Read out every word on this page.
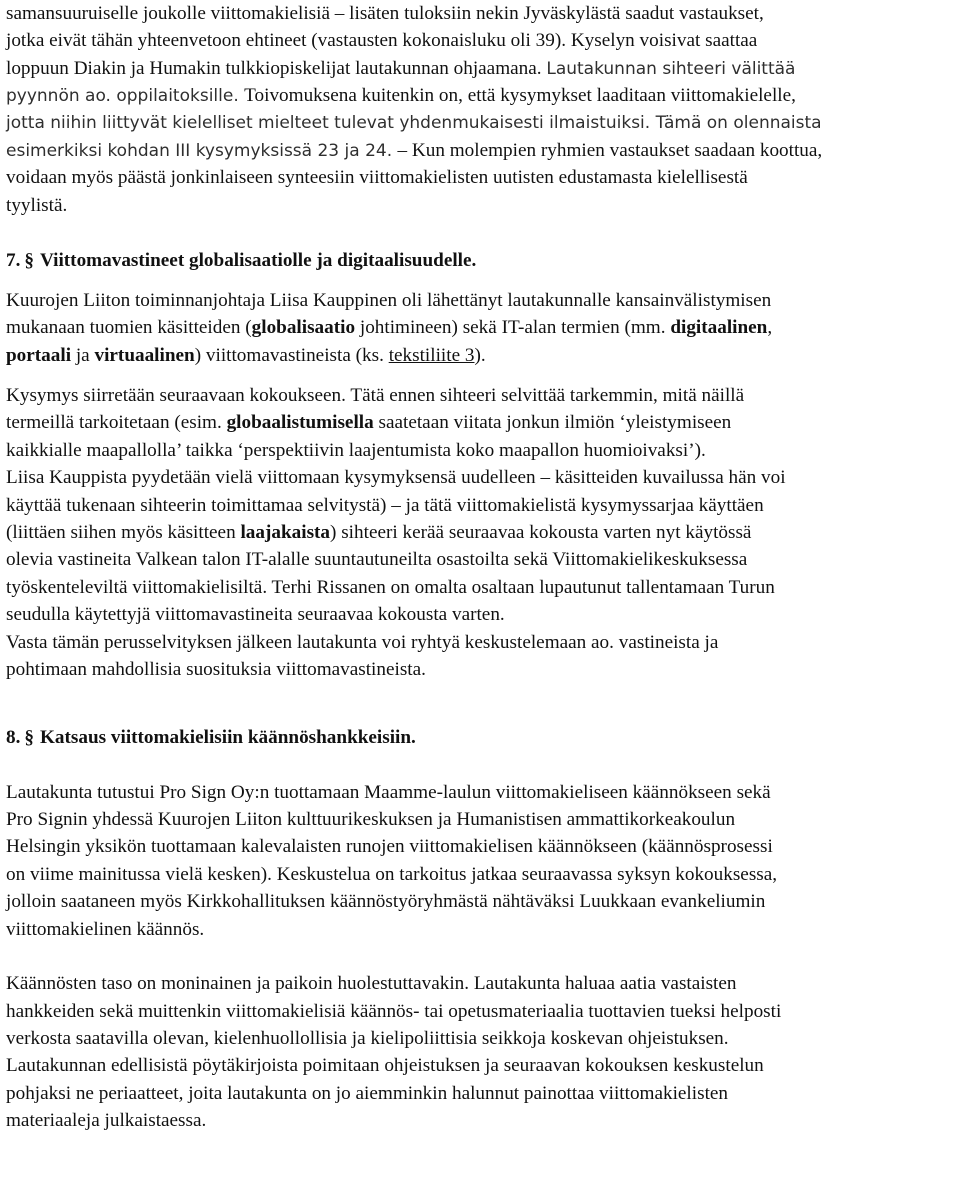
samansuuruiselle joukolle viittomakielisiä – lisäten tuloksiin nekin Jyväskylästä saadut vastaukset,
jotka eivät tähän yhteenvetoon ehtineet (vastausten kokonaisluku oli 39). Kyselyn voisivat saattaa
loppuun Diakin ja Humakin tulkkiopiskelijat lautakunnan ohjaamana. Lautakunnan sihteeri välittää
pyynnön ao. oppilaitoksille. Toivomuksena kuitenkin on, että kysymykset laaditaan viittomakielelle,
jotta niihin liittyvät kielelliset mielteet tulevat yhdenmukaisesti ilmaistuiksi. Tämä on olennaista
esimerkiksi kohdan III kysymyksissä 23 ja 24. – Kun molempien ryhmien vastaukset saadaan koottua,
voidaan myös päästä jonkinlaiseen synteesiin viittomakielisten uutisten edustamasta kielellisestä
tyylistä.
7. § Viittomavastineet globalisaatiolle ja digitaalisuudelle.
Kuurojen Liiton toiminnanjohtaja Liisa Kauppinen oli lähettänyt lautakunnalle kansainvälistymisen
mukanaan tuomien käsitteiden (globalisaatio johtimineen) sekä IT-alan termien (mm. digitaalinen,
portaali ja virtuaalinen) viittomavastineista (ks. tekstiliite 3).
Kysymys siirretään seuraavaan kokoukseen. Tätä ennen sihteeri selvittää tarkemmin, mitä näillä
termeillä tarkoitetaan (esim. globaalistumisella saatetaan viitata jonkun ilmiön ‘yleistymiseen
kaikkialle maapallolla’ taikka ‘perspektiivin laajentumista koko maapallon huomioivaksi’).
Liisa Kauppista pyydetään vielä viittomaan kysymyksensä uudelleen – käsitteiden kuvailussa hän voi
käyttää tukenaan sihteerin toimittamaa selvitystä) – ja tätä viittomakielistä kysymyssarjaa käyttäen
(liittäen siihen myös käsitteen laajakaista) sihteeri kerää seuraavaa kokousta varten nyt käytössä
olevia vastineita Valkean talon IT-alalle suuntautuneilta osastoilta sekä Viittomakielikeskuksessa
työskenteleviltä viittomakielisiltä. Terhi Rissanen on omalta osaltaan lupautunut tallentamaan Turun
seudulla käytettyjä viittomavastineita seuraavaa kokousta varten.
Vasta tämän perusselvityksen jälkeen lautakunta voi ryhtyä keskustelemaan ao. vastineista ja
pohtimaan mahdollisia suosituksia viittomavastineista.
8. § Katsaus viittomakielisiin käännöshankkeisiin.
Lautakunta tutustui Pro Sign Oy:n tuottamaan Maamme-laulun viittomakieliseen käännökseen sekä
Pro Signin yhdessä Kuurojen Liiton kulttuurikeskuksen ja Humanistisen ammattikorkeakoulun
Helsingin yksikön tuottamaan kalevalaisten runojen viittomakielisen käännökseen (käännösprosessi
on viime mainitussa vielä kesken). Keskustelua on tarkoitus jatkaa seuraavassa syksyn kokouksessa,
jolloin saataneen myös Kirkkohallituksen käännöstyöryhmästä nähtäväksi Luukkaan evankeliumin
viittomakielinen käännös.
Käännösten taso on moninainen ja paikoin huolestuttavakin. Lautakunta haluaa aatia vastaisten
hankkeiden sekä muittenkin viittomakielisiä käännös- tai opetusmateriaalia tuottavien tueksi helposti
verkosta saatavilla olevan, kielenhuollollisia ja kielipoliittisia seikkoja koskevan ohjeistuksen.
Lautakunnan edellisistä pöytäkirjoista poimitaan ohjeistuksen ja seuraavan kokouksen keskustelun
pohjaksi ne periaatteet, joita lautakunta on jo aiemminkin halunnut painottaa viittomakielisten
materiaaleja julkaistaessa.
